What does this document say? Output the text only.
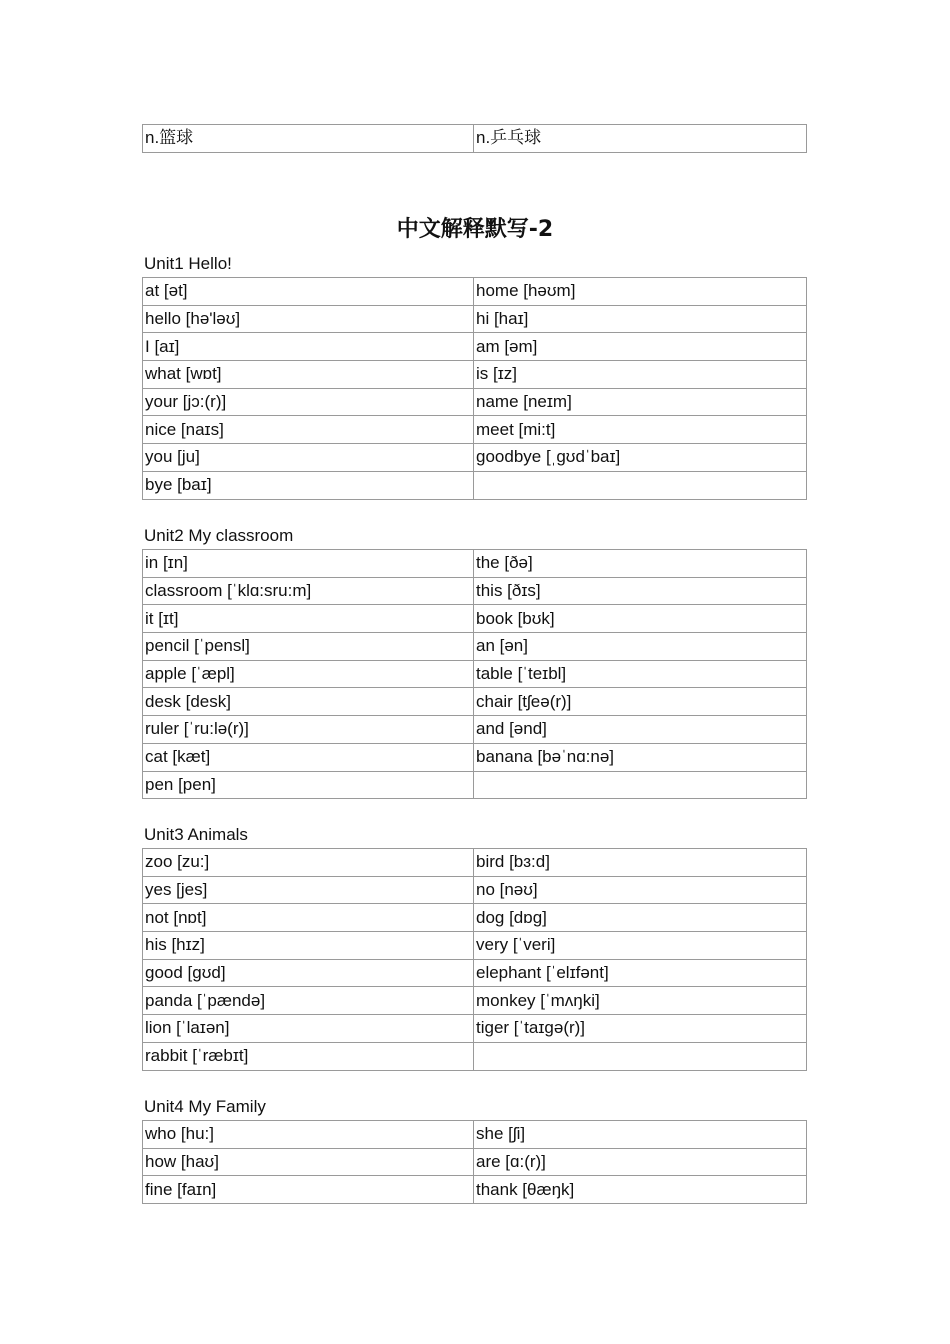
n.篮球	n.乒乓球
中文解释默写-2
Unit1 Hello!
at [ət]	home [həʊm]
hello [hə'ləʊ]	hi [haɪ]
I [aɪ]	am [əm]
what [wɒt]	is [ɪz]
your [jɔ:(r)]	name [neɪm]
nice [naɪs]	meet [mi:t]
you [ju]	goodbye [ˌɡʊdˈbaɪ]
bye [baɪ]	
Unit2 My classroom
in [ɪn]	the [ðə]
classroom [ˈklɑ:sru:m]	this [ðɪs]
it [ɪt]	book [bʊk]
pencil [ˈpensl]	an [ən]
apple [ˈæpl]	table [ˈteɪbl]
desk [desk]	chair [tʃeə(r)]
ruler [ˈru:lə(r)]	and [ənd]
cat [kæt]	banana [bəˈnɑ:nə]
pen [pen]	
Unit3 Animals
zoo [zu:]	bird [bɜ:d]
yes [jes]	no [nəʊ]
not [nɒt]	dog [dɒɡ]
his [hɪz]	very [ˈveri]
good [ɡʊd]	elephant [ˈelɪfənt]
panda [ˈpændə]	monkey [ˈmʌŋki]
lion [ˈlaɪən]	tiger [ˈtaɪɡə(r)]
rabbit [ˈræbɪt]	
Unit4 My Family
who [hu:]	she [ʃi]
how [haʊ]	are [ɑ:(r)]
fine [faɪn]	thank [θæŋk]
